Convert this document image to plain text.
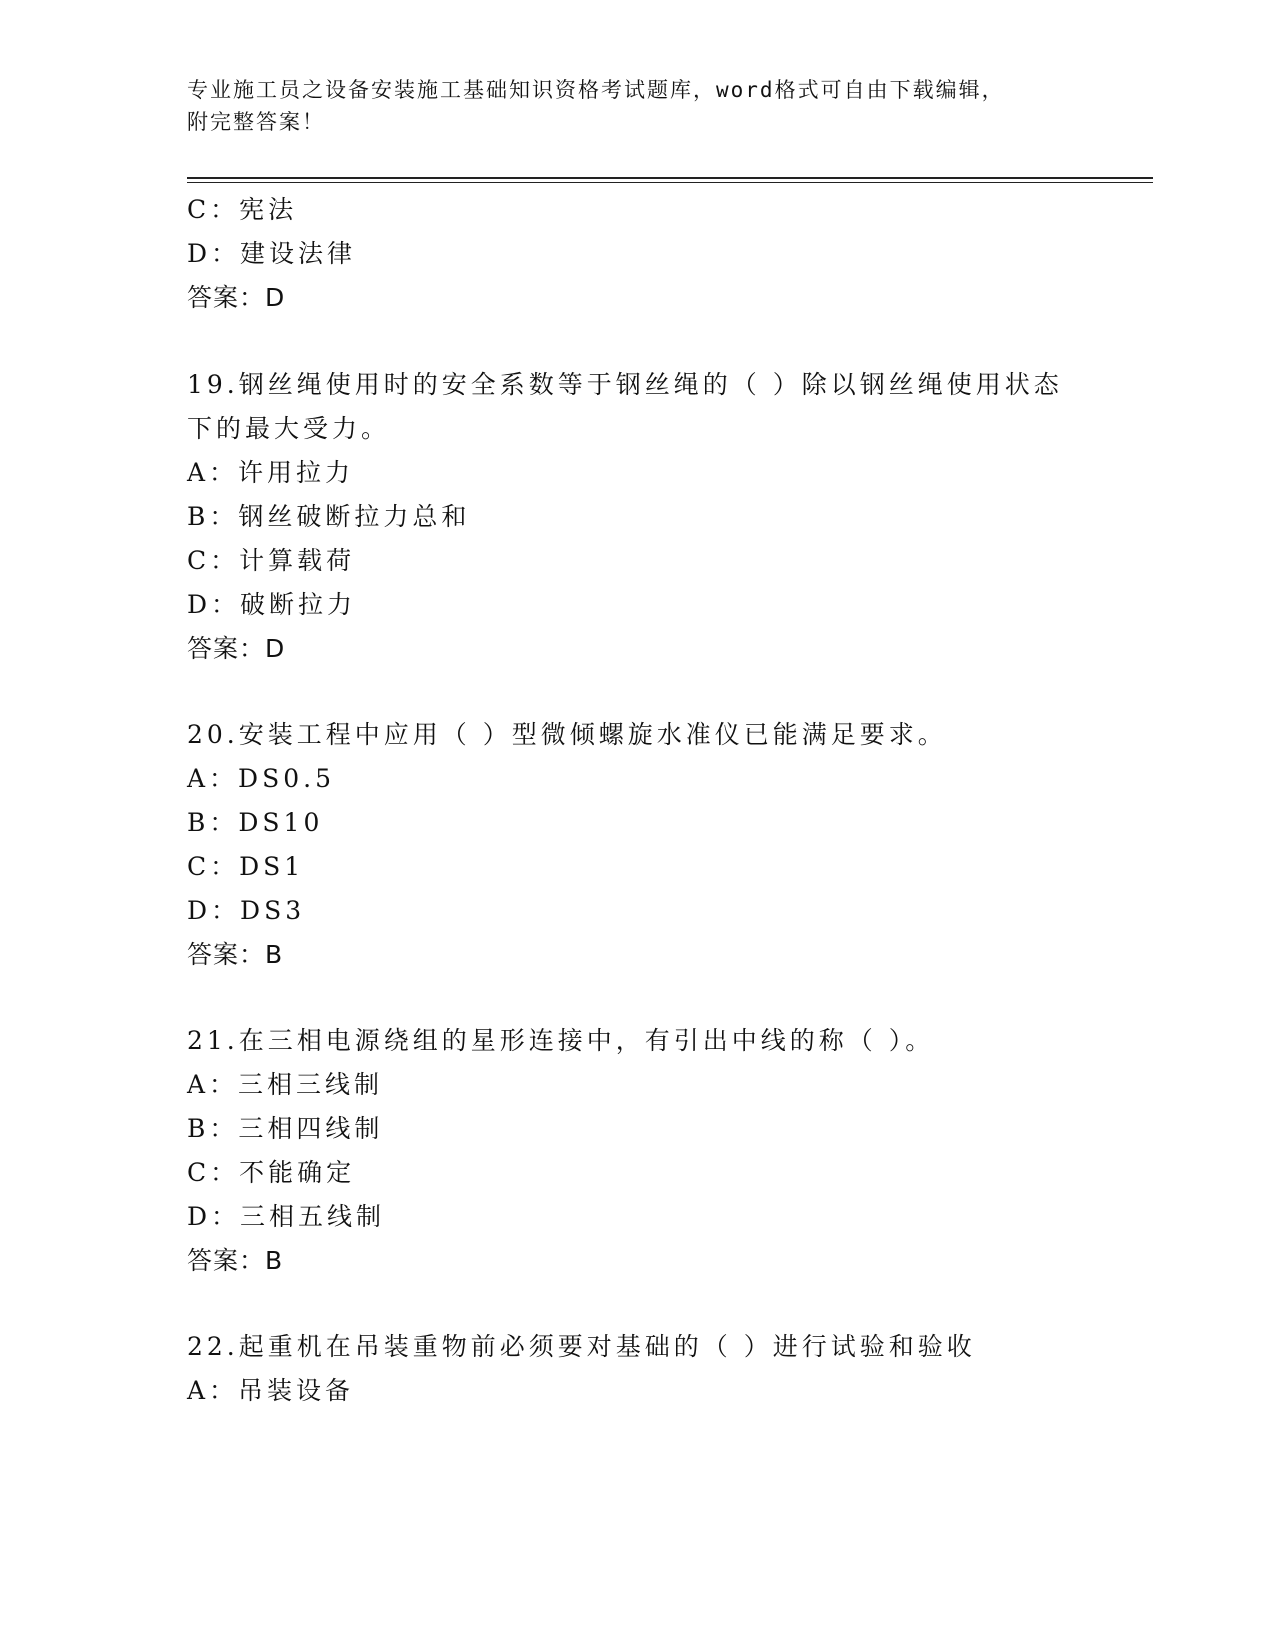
专业施工员之设备安装施工基础知识资格考试题库，word格式可自由下载编辑，
附完整答案！
C：宪法
D：建设法律
答案：D
19.钢丝绳使用时的安全系数等于钢丝绳的（ ）除以钢丝绳使用状态
下的最大受力。
A：许用拉力
B：钢丝破断拉力总和
C：计算载荷
D：破断拉力
答案：D
20.安装工程中应用（ ）型微倾螺旋水准仪已能满足要求。
A：DS0.5
B：DS10
C：DS1
D：DS3
答案：B
21.在三相电源绕组的星形连接中，有引出中线的称（ ）。
A：三相三线制
B：三相四线制
C：不能确定
D：三相五线制
答案：B
22.起重机在吊装重物前必须要对基础的（ ）进行试验和验收
A：吊装设备
